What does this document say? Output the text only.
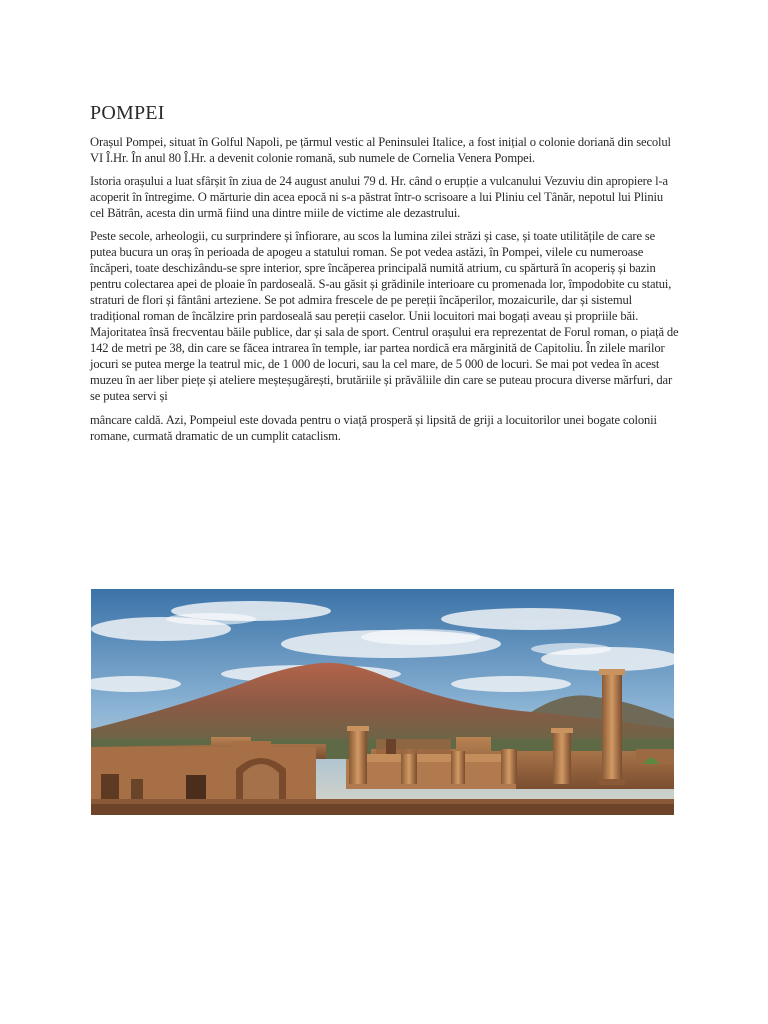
POMPEI

Orașul Pompei, situat în Golful Napoli, pe țărmul vestic al Peninsulei Italice, a fost inițial o colonie doriană din secolul VI Î.Hr. În anul 80 Î.Hr. a devenit colonie romană, sub numele de Cornelia Venera Pompei.

Istoria orașului a luat sfârșit în ziua de 24 august anului 79 d. Hr. când o erupție a vulcanului Vezuviu din apropiere l-a acoperit în întregime. O mărturie din acea epocă ni s-a păstrat într-o scrisoare a lui Pliniu cel Tânăr, nepotul lui Pliniu cel Bătrân, acesta din urmă fiind una dintre miile de victime ale dezastrului.

Peste secole, arheologii, cu surprindere și înfiorare, au scos la lumina zilei străzi și case, și toate utilitățile de care se putea bucura un oraș în perioada de apogeu a statului roman. Se pot vedea astăzi, în Pompei, vilele cu numeroase încăperi, toate deschizându-se spre interior, spre încăperea principală numită atrium, cu spărtură în acoperiș și bazin pentru colectarea apei de ploaie în pardoseală. S-au găsit și grădinile interioare cu promenada lor, împodobite cu statui, straturi de flori și fântâni arteziene. Se pot admira frescele de pe pereții încăperilor, mozaicurile, dar și sistemul tradițional roman de încălzire prin pardoseală sau pereții caselor. Unii locuitori mai bogați aveau și propriile băi. Majoritatea însă frecventau băile publice, dar și sala de sport. Centrul orașului era reprezentat de Forul roman, o piață de 142 de metri pe 38, din care se făcea intrarea în temple, iar partea nordică era mărginită de Capitoliu. În zilele marilor jocuri se putea merge la teatrul mic, de 1 000 de locuri, sau la cel mare, de 5 000 de locuri. Se mai pot vedea în acest muzeu în aer liber piețe și ateliere meșteșugărești, brutăriile și prăvăliile din care se puteau procura diverse mărfuri, dar se putea servi și

mâncare caldă. Azi, Pompeiul este dovada pentru o viață prosperă și lipsită de griji a locuitorilor unei bogate colonii romane, curmată dramatic de un cumplit cataclism.
